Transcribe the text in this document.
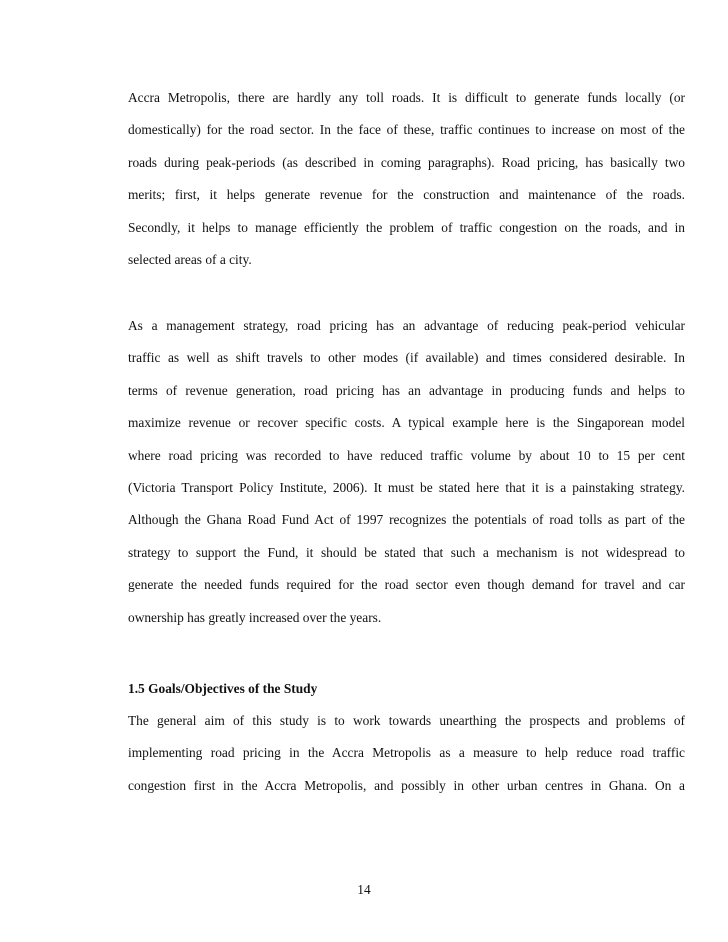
Accra Metropolis, there are hardly any toll roads. It is difficult to generate funds locally (or
domestically) for the road sector. In the face of these, traffic continues to increase on most of the
roads during peak-periods (as described in coming paragraphs). Road pricing, has basically two
merits; first, it helps generate revenue for the construction and maintenance of the roads.
Secondly, it helps to manage efficiently the problem of traffic congestion on the roads, and in
selected areas of a city.
As a management strategy, road pricing has an advantage of reducing peak-period vehicular
traffic as well as shift travels to other modes (if available) and times considered desirable. In
terms of revenue generation, road pricing has an advantage in producing funds and helps to
maximize revenue or recover specific costs. A typical example here is the Singaporean model
where road pricing was recorded to have reduced traffic volume by about 10 to 15 per cent
(Victoria Transport Policy Institute, 2006). It must be stated here that it is a painstaking strategy.
Although the Ghana Road Fund Act of 1997 recognizes the potentials of road tolls as part of the
strategy to support the Fund, it should be stated that such a mechanism is not widespread to
generate the needed funds required for the road sector even though demand for travel and car
ownership has greatly increased over the years.
1.5 Goals/Objectives of the Study
The general aim of this study is to work towards unearthing the prospects and problems of
implementing road pricing in the Accra Metropolis as a measure to help reduce road traffic
congestion first in the Accra Metropolis, and possibly in other urban centres in Ghana. On a
14
